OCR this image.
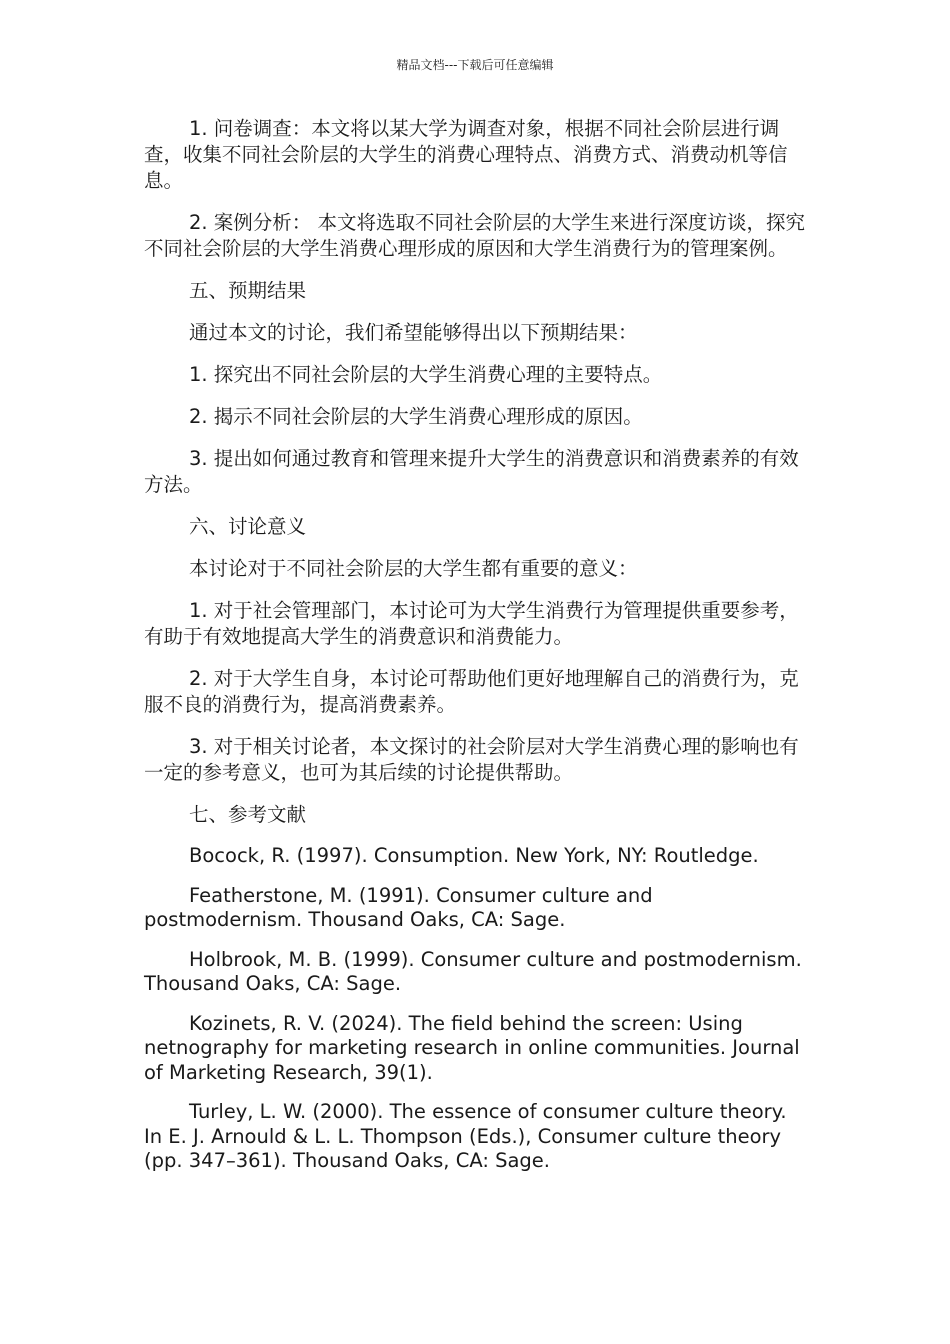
精品文档---下载后可任意编辑

1. 问卷调查：本文将以某大学为调查对象，根据不同社会阶层进行调查，收集不同社会阶层的大学生的消费心理特点、消费方式、消费动机等信息。

2. 案例分析： 本文将选取不同社会阶层的大学生来进行深度访谈，探究不同社会阶层的大学生消费心理形成的原因和大学生消费行为的管理案例。

五、预期结果

通过本文的讨论，我们希望能够得出以下预期结果：

1. 探究出不同社会阶层的大学生消费心理的主要特点。

2. 揭示不同社会阶层的大学生消费心理形成的原因。

3. 提出如何通过教育和管理来提升大学生的消费意识和消费素养的有效方法。

六、讨论意义

本讨论对于不同社会阶层的大学生都有重要的意义：

1. 对于社会管理部门，本讨论可为大学生消费行为管理提供重要参考，有助于有效地提高大学生的消费意识和消费能力。

2. 对于大学生自身，本讨论可帮助他们更好地理解自己的消费行为，克服不良的消费行为，提高消费素养。

3. 对于相关讨论者，本文探讨的社会阶层对大学生消费心理的影响也有一定的参考意义，也可为其后续的讨论提供帮助。

七、参考文献

Bocock, R. (1997). Consumption. New York, NY: Routledge.

Featherstone, M. (1991). Consumer culture and postmodernism. Thousand Oaks, CA: Sage.

Holbrook, M. B. (1999). Consumer culture and postmodernism. Thousand Oaks, CA: Sage.

Kozinets, R. V. (2024). The field behind the screen: Using netnography for marketing research in online communities. Journal of Marketing Research, 39(1).

Turley, L. W. (2000). The essence of consumer culture theory. In E. J. Arnould & L. L. Thompson (Eds.), Consumer culture theory (pp. 347–361). Thousand Oaks, CA: Sage.
